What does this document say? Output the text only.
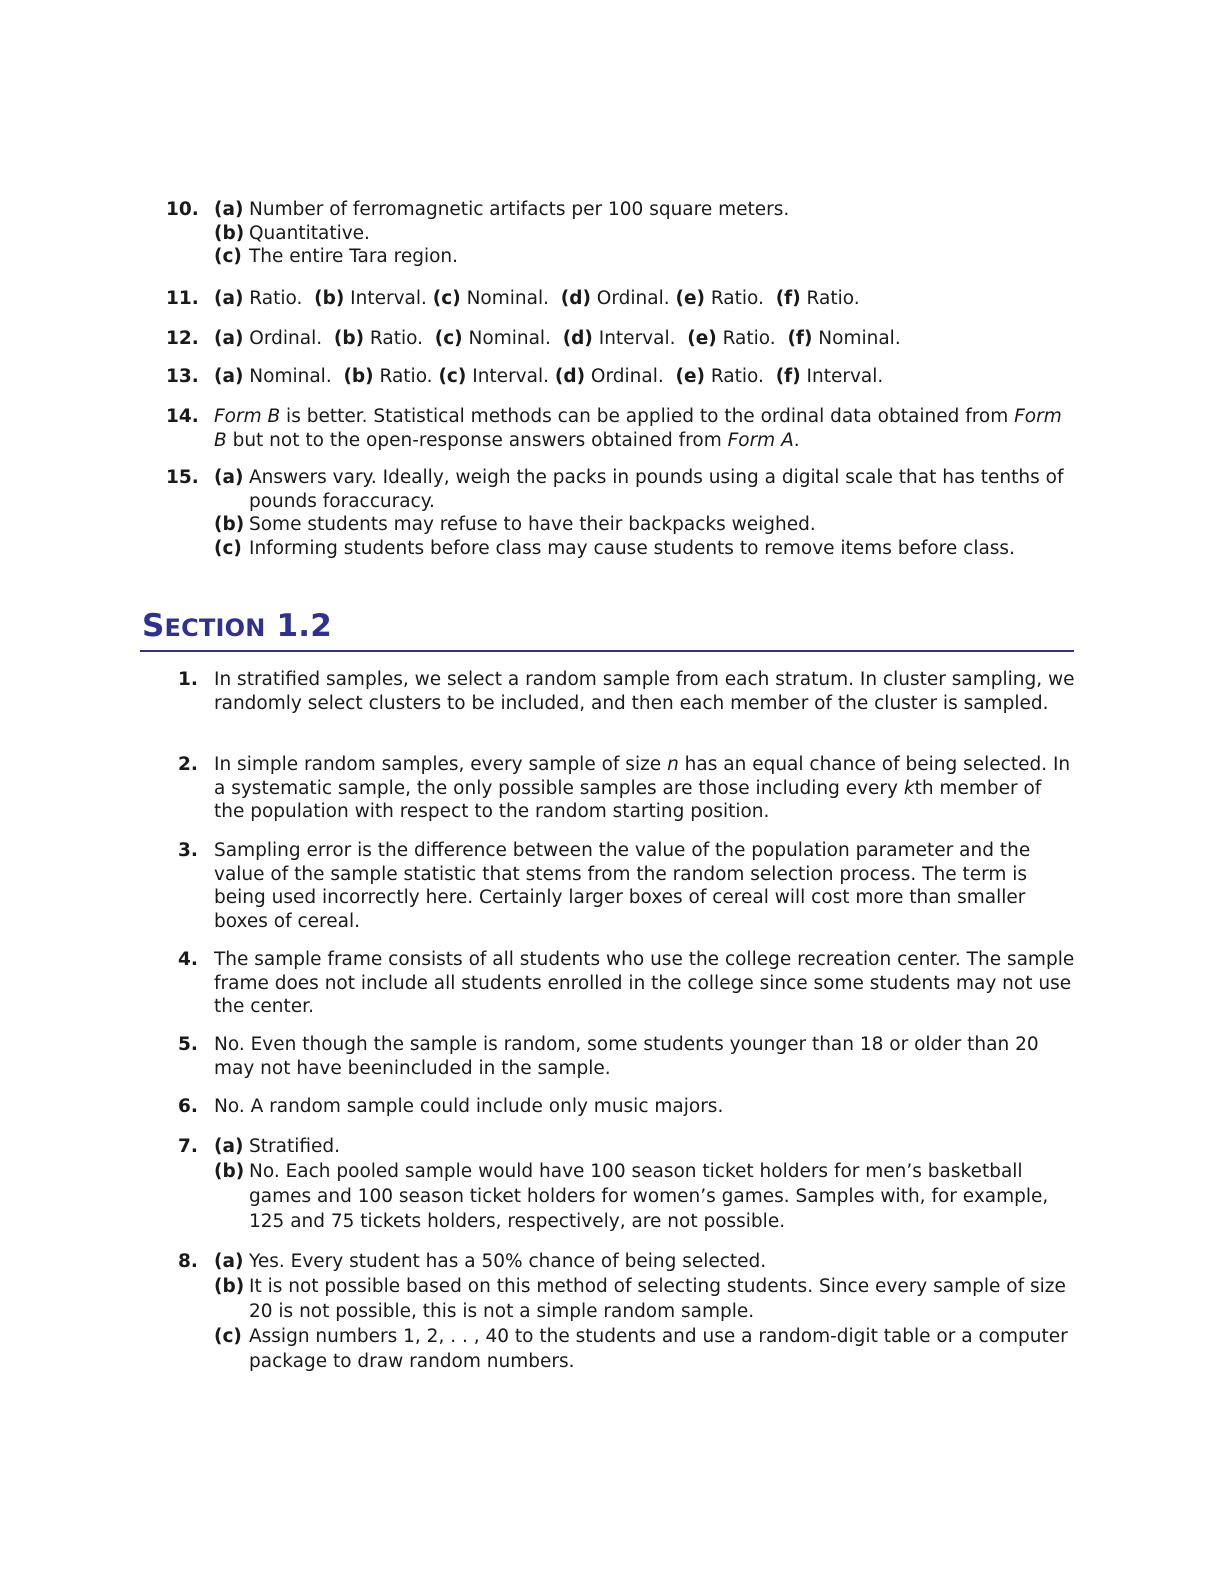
10. (a) Number of ferromagnetic artifacts per 100 square meters.
(b) Quantitative.
(c) The entire Tara region.
11. (a) Ratio. (b) Interval. (c) Nominal. (d) Ordinal. (e) Ratio. (f) Ratio.
12. (a) Ordinal. (b) Ratio. (c) Nominal. (d) Interval. (e) Ratio. (f) Nominal.
13. (a) Nominal. (b) Ratio. (c) Interval. (d) Ordinal. (e) Ratio. (f) Interval.
14. Form B is better. Statistical methods can be applied to the ordinal data obtained from Form B but not to the open-response answers obtained from Form A.
15. (a) Answers vary. Ideally, weigh the packs in pounds using a digital scale that has tenths of pounds foraccuracy.
(b) Some students may refuse to have their backpacks weighed.
(c) Informing students before class may cause students to remove items before class.
SECTION 1.2
1. In stratified samples, we select a random sample from each stratum. In cluster sampling, we randomly select clusters to be included, and then each member of the cluster is sampled.
2. In simple random samples, every sample of size n has an equal chance of being selected. In a systematic sample, the only possible samples are those including every kth member of the population with respect to the random starting position.
3. Sampling error is the difference between the value of the population parameter and the value of the sample statistic that stems from the random selection process. The term is being used incorrectly here. Certainly larger boxes of cereal will cost more than smaller boxes of cereal.
4. The sample frame consists of all students who use the college recreation center. The sample frame does not include all students enrolled in the college since some students may not use the center.
5. No. Even though the sample is random, some students younger than 18 or older than 20 may not have beenincluded in the sample.
6. No. A random sample could include only music majors.
7. (a) Stratified.
(b) No. Each pooled sample would have 100 season ticket holders for men’s basketball games and 100 season ticket holders for women’s games. Samples with, for example, 125 and 75 tickets holders, respectively, are not possible.
8. (a) Yes. Every student has a 50% chance of being selected.
(b) It is not possible based on this method of selecting students. Since every sample of size 20 is not possible, this is not a simple random sample.
(c) Assign numbers 1, 2, . . , 40 to the students and use a random-digit table or a computer package to draw random numbers.
